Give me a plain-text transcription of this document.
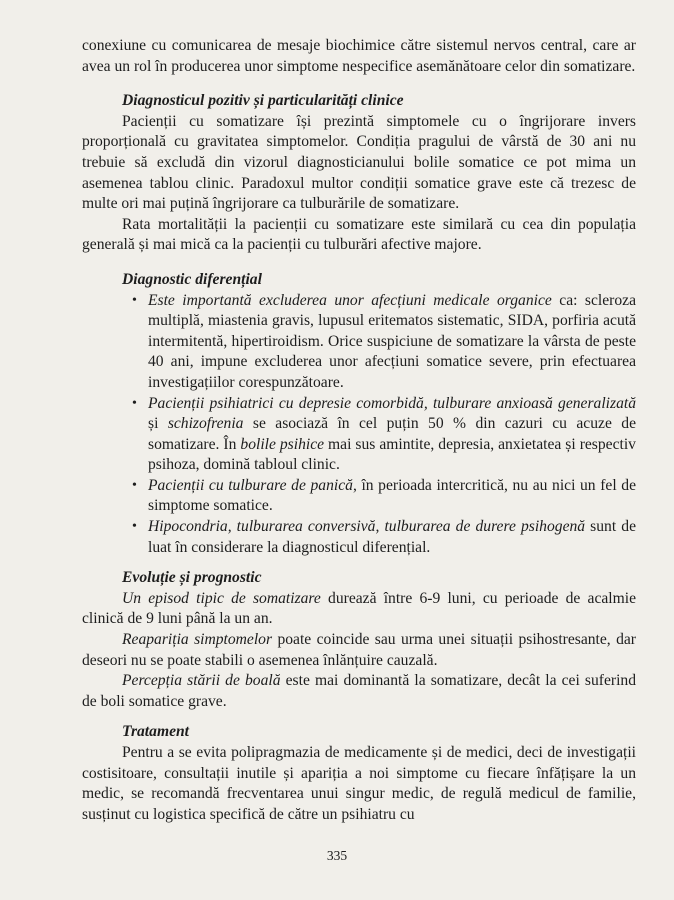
conexiune cu comunicarea de mesaje biochimice către sistemul nervos central, care ar avea un rol în producerea unor simptome nespecifice asemănătoare celor din somatizare.

Diagnosticul pozitiv și particularități clinice

Pacienții cu somatizare își prezintă simptomele cu o îngrijorare invers proporțională cu gravitatea simptomelor. Condiția pragului de vârstă de 30 ani nu trebuie să excludă din vizorul diagnosticianului bolile somatice ce pot mima un asemenea tablou clinic. Paradoxul multor condiții somatice grave este că trezesc de multe ori mai puțină îngrijorare ca tulburările de somatizare.

Rata mortalității la pacienții cu somatizare este similară cu cea din populația generală și mai mică ca la pacienții cu tulburări afective majore.

Diagnostic diferențial

• Este importantă excluderea unor afecțiuni medicale organice ca: scleroza multiplă, miastenia gravis, lupusul eritematos sistematic, SIDA, porfiria acută intermitentă, hipertiroidism. Orice suspiciune de somatizare la vârsta de peste 40 ani, impune excluderea unor afecțiuni somatice severe, prin efectuarea investigațiilor corespunzătoare.
• Pacienții psihiatrici cu depresie comorbidă, tulburare anxioasă generalizată și schizofrenia se asociază în cel puțin 50 % din cazuri cu acuze de somatizare. În bolile psihice mai sus amintite, depresia, anxietatea și respectiv psihoza, domină tabloul clinic.
• Pacienții cu tulburare de panică, în perioada intercritică, nu au nici un fel de simptome somatice.
• Hipocondria, tulburarea conversivă, tulburarea de durere psihogenă sunt de luat în considerare la diagnosticul diferențial.

Evoluție și prognostic

Un episod tipic de somatizare durează între 6-9 luni, cu perioade de acalmie clinică de 9 luni până la un an.

Reapariția simptomelor poate coincide sau urma unei situații psihostresante, dar deseori nu se poate stabili o asemenea înlănțuire cauzală.

Percepția stării de boală este mai dominantă la somatizare, decât la cei suferind de boli somatice grave.

Tratament

Pentru a se evita polipragmazia de medicamente și de medici, deci de investigații costisitoare, consultații inutile și apariția a noi simptome cu fiecare înfățișare la un medic, se recomandă frecventarea unui singur medic, de regulă medicul de familie, susținut cu logistica specifică de către un psihiatru cu

335
